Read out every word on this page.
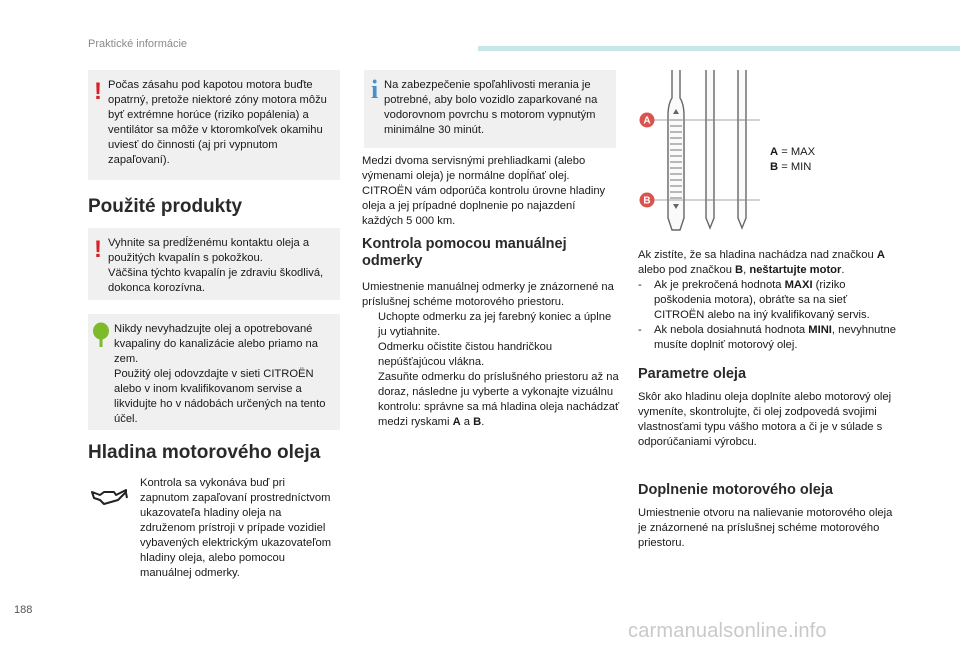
Praktické informácie
! Počas zásahu pod kapotou motora buďte opatrný, pretože niektoré zóny motora môžu byť extrémne horúce (riziko popálenia) a ventilátor sa môže v ktoromkoľvek okamihu uviesť do činnosti (aj pri vypnutom zapaľovaní).

Použité produkty
! Vyhnite sa predĺženému kontaktu oleja a použitých kvapalín s pokožkou.

Väčšina týchto kvapalín je zdraviu škodlivá, dokonca korozívna.

Nikdy nevyhadzujte olej a opotrebované kvapaliny do kanalizácie alebo priamo na zem.

Použitý olej odovzdajte v sieti CITROËN alebo v inom kvalifikovanom servise a likvidujte ho v nádobách určených na tento účel.

Hladina motorového oleja

Kontrola sa vykonáva buď pri zapnutom zapaľovaní prostredníctvom ukazovateľa hladiny oleja na združenom prístroji v prípade vozidiel vybavených elektrickým ukazovateľom hladiny oleja, alebo pomocou manuálnej odmerky.

i Na zabezpečenie spoľahlivosti merania je potrebné, aby bolo vozidlo zaparkované na vodorovnom povrchu s motorom vypnutým minimálne 30 minút.

Medzi dvoma servisnými prehliadkami (alebo výmenami oleja) je normálne dopĺňať olej. CITROËN vám odporúča kontrolu úrovne hladiny oleja a jej prípadné doplnenie po najazdení každých 5 000 km.

Kontrola pomocou manuálnej
odmerky

Umiestnenie manuálnej odmerky je znázornené na príslušnej schéme motorového priestoru.

Uchopte odmerku za jej farebný koniec a úplne ju vytiahnite.
Odmerku očistite čistou handričkou nepúšťajúcou vlákna.
Zasuňte odmerku do príslušného priestoru až na doraz, následne ju vyberte a vykonajte vizuálnu kontrolu: správne sa má hladina oleja nachádzať medzi ryskami A a B.
A
B

A = MAX

B = MIN

Ak zistíte, že sa hladina nachádza nad značkou A alebo pod značkou B, neštartujte motor.

- Ak je prekročená hodnota MAXI (riziko poškodenia motora), obráťte sa na sieť CITROËN alebo na iný kvalifikovaný servis.
- Ak nebola dosiahnutá hodnota MINI, nevyhnutne musíte doplniť motorový olej.
Parametre oleja

Skôr ako hladinu oleja doplníte alebo motorový olej vymeníte, skontrolujte, či olej zodpovedá svojimi vlastnosťami typu vášho motora a či je v súlade s odporúčaniami výrobcu.

Doplnenie motorového oleja

Umiestnenie otvoru na nalievanie motorového oleja je znázornené na príslušnej schéme motorového priestoru.

188
carmanualsonline.info
